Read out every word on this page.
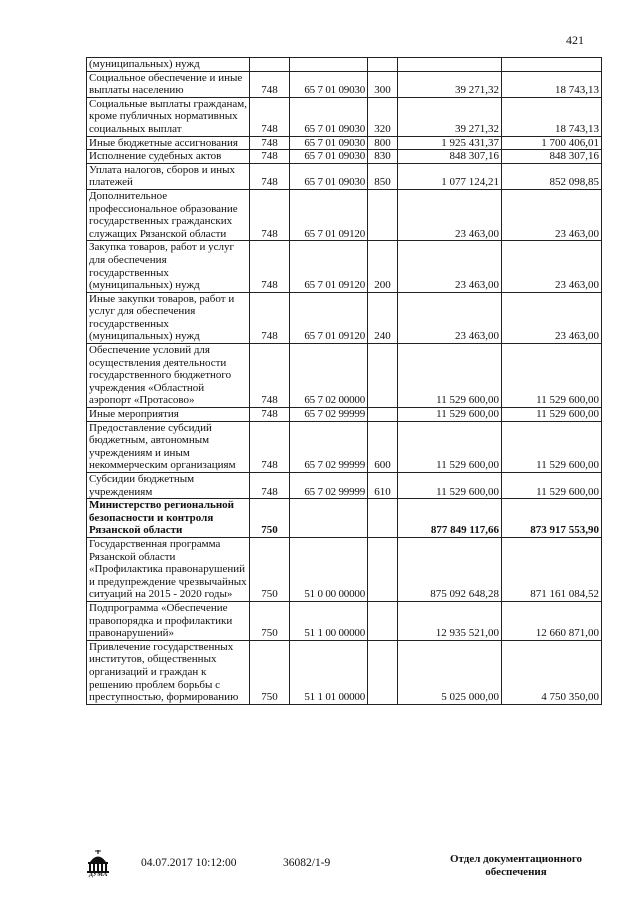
421
(муниципальных) нужд					
Социальное обеспечение и иные выплаты населению	748	65 7 01 09030	300	39 271,32	18 743,13
Социальные выплаты гражданам, кроме публичных нормативных социальных выплат	748	65 7 01 09030	320	39 271,32	18 743,13
Иные бюджетные ассигнования	748	65 7 01 09030	800	1 925 431,37	1 700 406,01
Исполнение судебных актов	748	65 7 01 09030	830	848 307,16	848 307,16
Уплата налогов, сборов и иных платежей	748	65 7 01 09030	850	1 077 124,21	852 098,85
Дополнительное профессиональное образование государственных гражданских служащих Рязанской области	748	65 7 01 09120		23 463,00	23 463,00
Закупка товаров, работ и услуг для обеспечения государственных (муниципальных) нужд	748	65 7 01 09120	200	23 463,00	23 463,00
Иные закупки товаров, работ и услуг для обеспечения государственных (муниципальных) нужд	748	65 7 01 09120	240	23 463,00	23 463,00
Обеспечение условий для осуществления деятельности государственного бюджетного учреждения «Областной аэропорт «Протасово»	748	65 7 02 00000		11 529 600,00	11 529 600,00
Иные мероприятия	748	65 7 02 99999		11 529 600,00	11 529 600,00
Предоставление субсидий бюджетным, автономным учреждениям и иным некоммерческим организациям	748	65 7 02 99999	600	11 529 600,00	11 529 600,00
Субсидии бюджетным учреждениям	748	65 7 02 99999	610	11 529 600,00	11 529 600,00
Министерство региональной безопасности и контроля Рязанской области	750			877 849 117,66	873 917 553,90
Государственная программа Рязанской области «Профилактика правонарушений и предупреждение чрезвычайных ситуаций на 2015 - 2020 годы»	750	51 0 00 00000		875 092 648,28	871 161 084,52
Подпрограмма «Обеспечение правопорядка и профилактики правонарушений»	750	51 1 00 00000		12 935 521,00	12 660 871,00
Привлечение государственных институтов, общественных организаций и граждан к решению проблем борьбы с преступностью, формированию	750	51 1 01 00000		5 025 000,00	4 750 350,00
ДУМА
04.07.2017 10:12:00	36082/1-9	Отдел документационного
обеспечения
